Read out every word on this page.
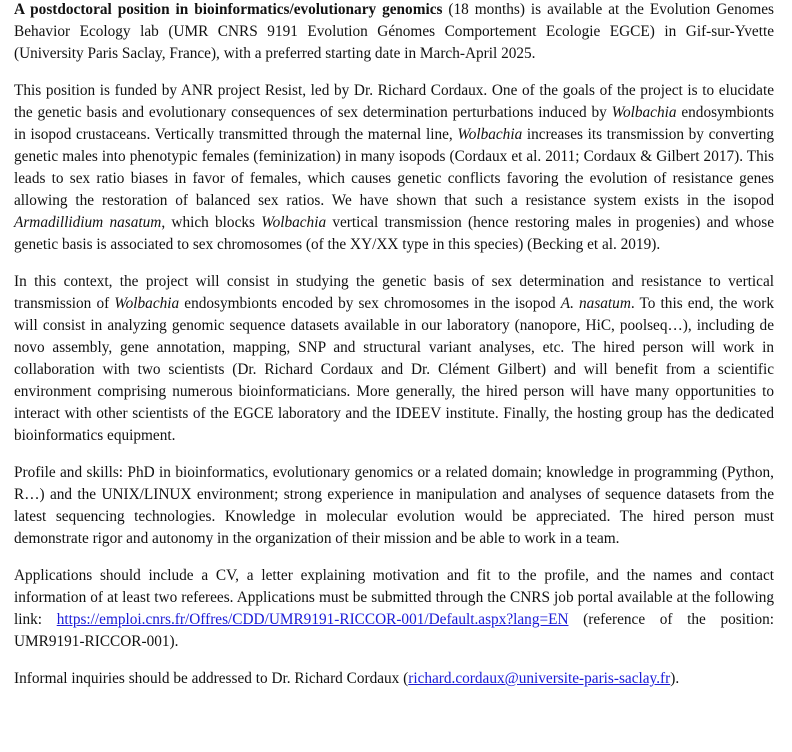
A postdoctoral position in bioinformatics/evolutionary genomics (18 months) is available at the Evolution Genomes Behavior Ecology lab (UMR CNRS 9191 Evolution Génomes Comportement Ecologie EGCE) in Gif-sur-Yvette (University Paris Saclay, France), with a preferred starting date in March-April 2025.

This position is funded by ANR project Resist, led by Dr. Richard Cordaux. One of the goals of the project is to elucidate the genetic basis and evolutionary consequences of sex determination perturbations induced by Wolbachia endosymbionts in isopod crustaceans. Vertically transmitted through the maternal line, Wolbachia increases its transmission by converting genetic males into phenotypic females (feminization) in many isopods (Cordaux et al. 2011; Cordaux & Gilbert 2017). This leads to sex ratio biases in favor of females, which causes genetic conflicts favoring the evolution of resistance genes allowing the restoration of balanced sex ratios. We have shown that such a resistance system exists in the isopod Armadillidium nasatum, which blocks Wolbachia vertical transmission (hence restoring males in progenies) and whose genetic basis is associated to sex chromosomes (of the XY/XX type in this species) (Becking et al. 2019).

In this context, the project will consist in studying the genetic basis of sex determination and resistance to vertical transmission of Wolbachia endosymbionts encoded by sex chromosomes in the isopod A. nasatum. To this end, the work will consist in analyzing genomic sequence datasets available in our laboratory (nanopore, HiC, poolseq…), including de novo assembly, gene annotation, mapping, SNP and structural variant analyses, etc. The hired person will work in collaboration with two scientists (Dr. Richard Cordaux and Dr. Clément Gilbert) and will benefit from a scientific environment comprising numerous bioinformaticians. More generally, the hired person will have many opportunities to interact with other scientists of the EGCE laboratory and the IDEEV institute. Finally, the hosting group has the dedicated bioinformatics equipment.

Profile and skills: PhD in bioinformatics, evolutionary genomics or a related domain; knowledge in programming (Python, R…) and the UNIX/LINUX environment; strong experience in manipulation and analyses of sequence datasets from the latest sequencing technologies. Knowledge in molecular evolution would be appreciated. The hired person must demonstrate rigor and autonomy in the organization of their mission and be able to work in a team.

Applications should include a CV, a letter explaining motivation and fit to the profile, and the names and contact information of at least two referees. Applications must be submitted through the CNRS job portal available at the following link: https://emploi.cnrs.fr/Offres/CDD/UMR9191-RICCOR-001/Default.aspx?lang=EN (reference of the position: UMR9191-RICCOR-001).

Informal inquiries should be addressed to Dr. Richard Cordaux (richard.cordaux@universite-paris-saclay.fr).
